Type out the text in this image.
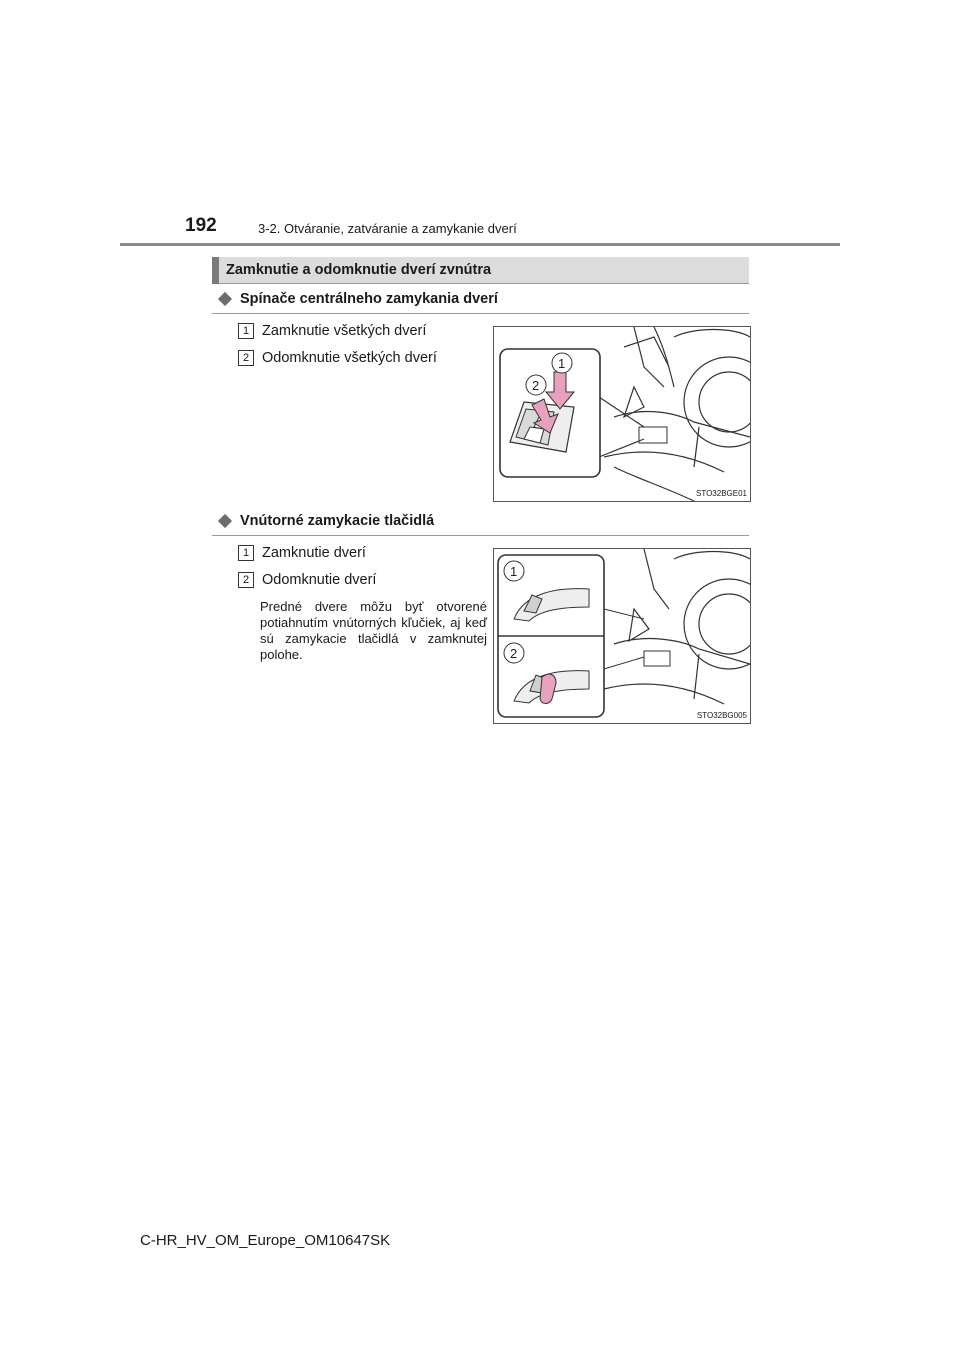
192	3-2. Otváranie, zatváranie a zamykanie dverí
Zamknutie a odomknutie dverí zvnútra
Spínače centrálneho zamykania dverí
1 Zamknutie všetkých dverí
2 Odomknutie všetkých dverí	1
2
STO32BGE01
Vnútorné zamykacie tlačidlá
1 Zamknutie dverí
2 Odomknutie dverí
Predné dvere môžu byť otvorené potiahnutím vnútorných kľučiek, aj keď sú zamykacie tlačidlá v zamknutej polohe.
1
2
STO32BG005
C-HR_HV_OM_Europe_OM10647SK
